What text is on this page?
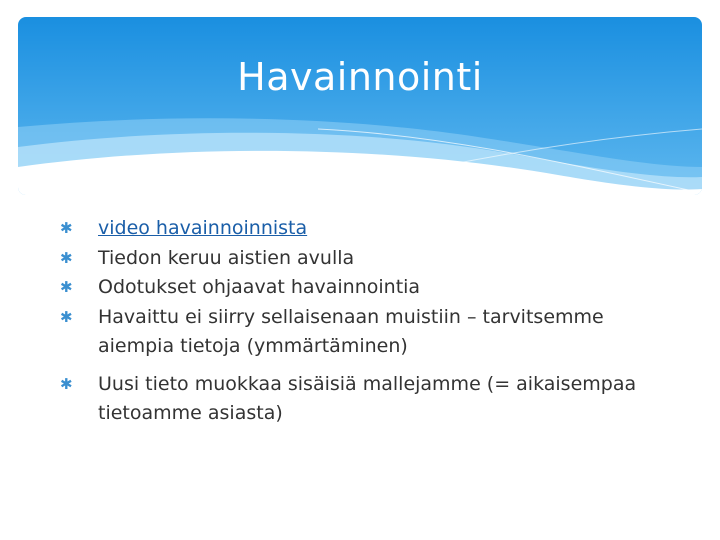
Havainnointi
✱	video havainnoinnista
✱	Tiedon keruu aistien avulla
✱	Odotukset ohjaavat havainnointia
✱	Havaittu ei siirry sellaisenaan muistiin – tarvitsemme aiempia tietoja (ymmärtäminen)
✱	Uusi tieto muokkaa sisäisiä mallejamme (= aikaisempaa tietoamme asiasta)
